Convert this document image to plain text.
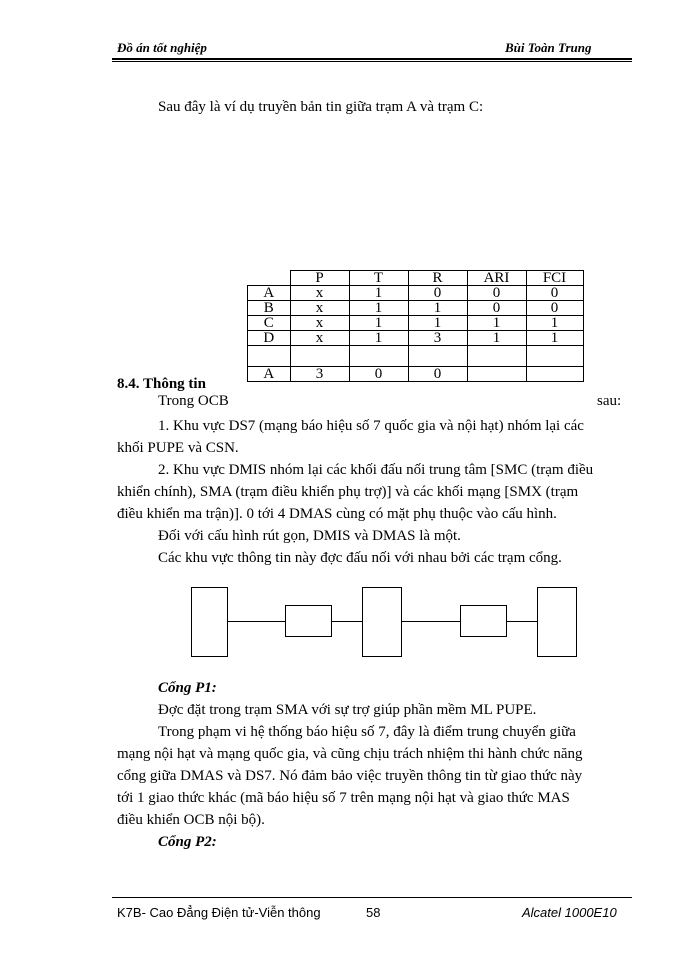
Đồ án tốt nghiệp	Bùi Toàn Trung
Sau đây là ví dụ truyền bản tin giữa trạm A và trạm C:
	P	T	R	ARI	FCI
A	x	1	0	0	0
B	x	1	1	0	0
C	x	1	1	1	1
D	x	1	3	1	1

A	3	0	0		
8.4. Thông tin
Trong OCB	sau:
1. Khu vực DS7 (mạng báo hiệu số 7 quốc gia và nội hạt) nhóm lại các
khối PUPE và CSN.
2. Khu vực DMIS nhóm lại các khối đấu nối trung tâm [SMC (trạm điều
khiển chính), SMA (trạm điều khiển phụ trợ)] và các khối mạng [SMX (trạm
điều khiển ma trận)]. 0 tới 4 DMAS cùng có mặt phụ thuộc vào cấu hình.
Đối với cấu hình rút gọn, DMIS và DMAS là một.
Các khu vực thông tin này đợc đấu nối với nhau bởi các trạm cổng.
Cổng P1:
Đợc đặt trong trạm SMA với sự trợ giúp phần mềm ML PUPE.
Trong phạm vi hệ thống báo hiệu số 7, đây là điểm trung chuyển giữa
mạng nội hạt và mạng quốc gia, và cũng chịu trách nhiệm thi hành chức năng
cổng giữa DMAS và DS7. Nó đảm bảo việc truyền thông tin từ giao thức này
tới 1 giao thức khác (mã báo hiệu số 7 trên mạng nội hạt và giao thức MAS
điều khiển OCB nội bộ).
Cổng P2:
K7B- Cao Đẳng Điện tử-Viễn thông	58	Alcatel 1000E10
